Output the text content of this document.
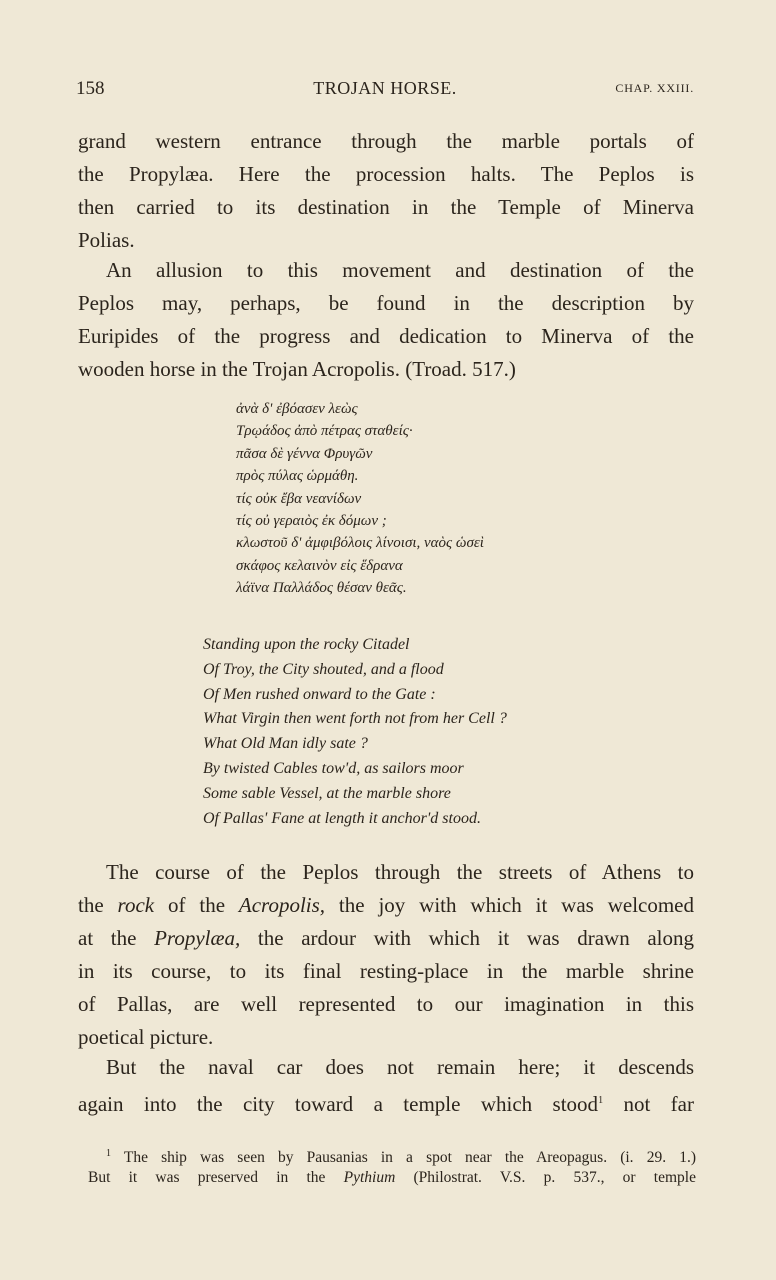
158	TROJAN HORSE.	CHAP. XXIII.
grand western entrance through the marble portals of
the Propylæa. Here the procession halts. The Peplos is
then carried to its destination in the Temple of Minerva
Polias.
An allusion to this movement and destination of the
Peplos may, perhaps, be found in the description by
Euripides of the progress and dedication to Minerva of the
wooden horse in the Trojan Acropolis. (Troad. 517.)
ἀνὰ δ' ἐβόασεν λεὼς
Τρῳάδος ἀπὸ πέτρας σταθείς·
πᾶσα δὲ γέννα Φρυγῶν
πρὸς πύλας ὡρμάθη.
τίς οὐκ ἔβα νεανίδων
τίς οὐ γεραιὸς ἐκ δόμων ;
κλωστοῦ δ' ἀμφιβόλοις λίνοισι, ναὸς ὡσεὶ
σκάφος κελαινὸν εἰς ἕδρανα
λάϊνα Παλλάδος θέσαν θεᾶς.
Standing upon the rocky Citadel
Of Troy, the City shouted, and a flood
Of Men rushed onward to the Gate :
What Virgin then went forth not from her Cell ?
What Old Man idly sate ?
By twisted Cables tow'd, as sailors moor
Some sable Vessel, at the marble shore
Of Pallas' Fane at length it anchor'd stood.
The course of the Peplos through the streets of Athens to
the rock of the Acropolis, the joy with which it was welcomed
at the Propylæa, the ardour with which it was drawn along
in its course, to its final resting-place in the marble shrine
of Pallas, are well represented to our imagination in this
poetical picture.
But the naval car does not remain here; it descends
again into the city toward a temple which stood$^1$ not far
$^1$ The ship was seen by Pausanias in a spot near the Areopagus. (i. 29. 1.)
But it was preserved in the Pythium (Philostrat. V.S. p. 537., or temple
